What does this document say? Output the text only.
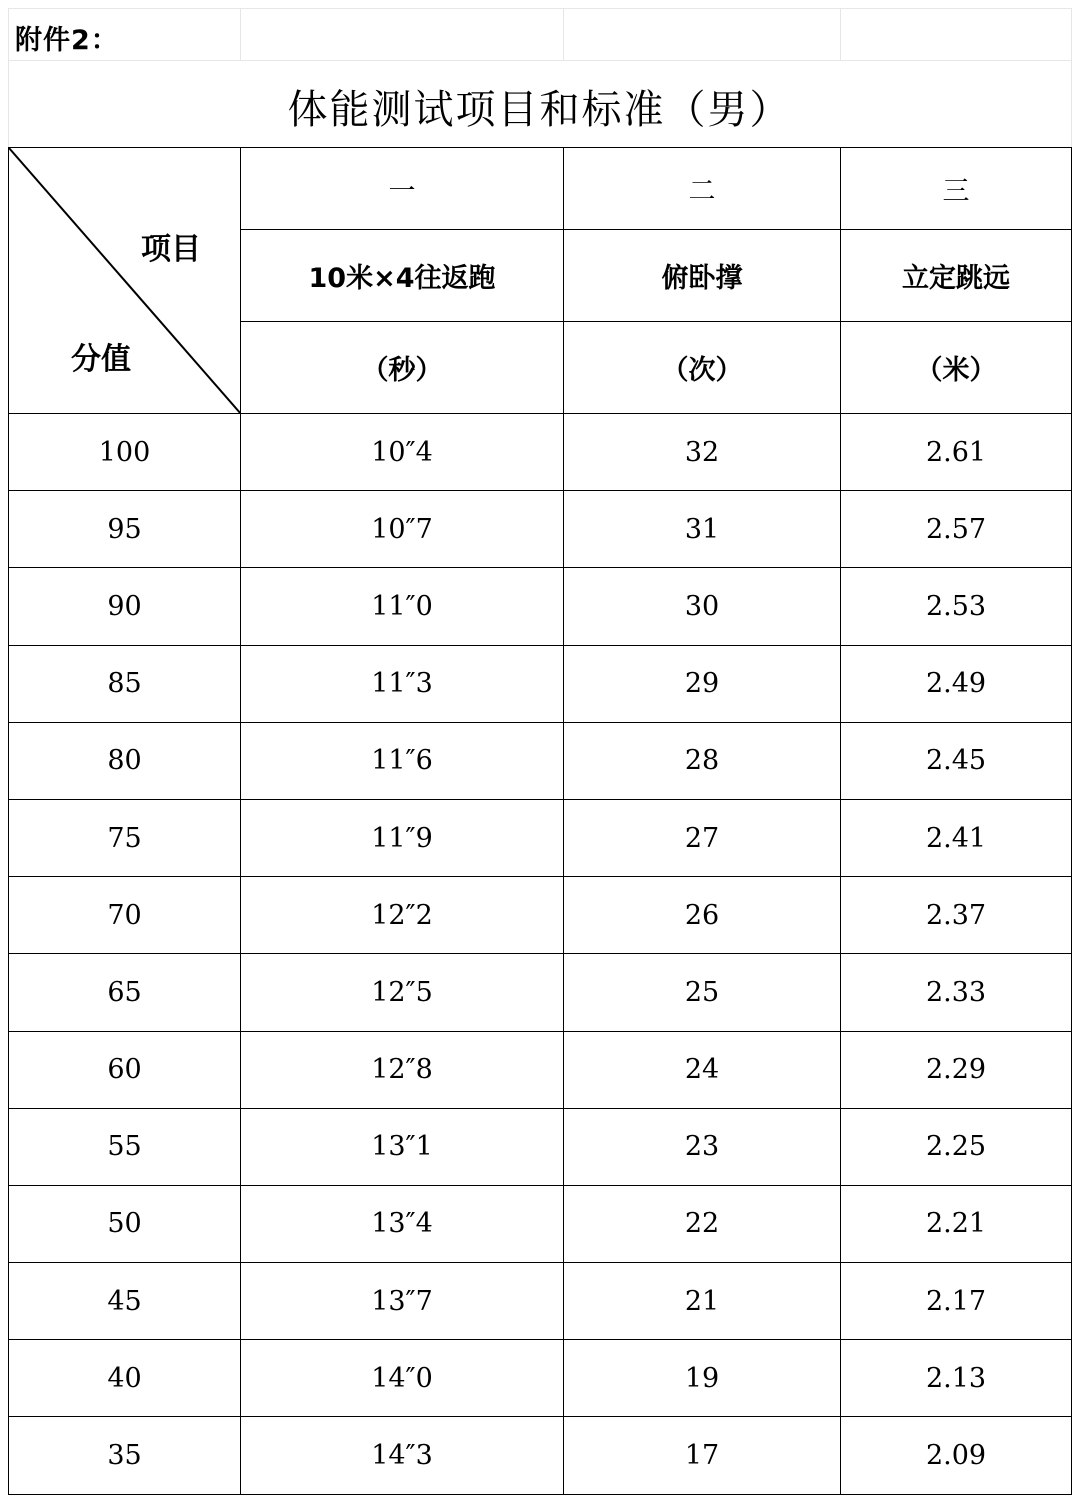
附件2：
体能测试项目和标准（男）
项目
分值	一	二	三
	10米×4往返跑	俯卧撑	立定跳远
	（秒）	（次）	（米）
100	10″4	32	2.61
95	10″7	31	2.57
90	11″0	30	2.53
85	11″3	29	2.49
80	11″6	28	2.45
75	11″9	27	2.41
70	12″2	26	2.37
65	12″5	25	2.33
60	12″8	24	2.29
55	13″1	23	2.25
50	13″4	22	2.21
45	13″7	21	2.17
40	14″0	19	2.13
35	14″3	17	2.09
